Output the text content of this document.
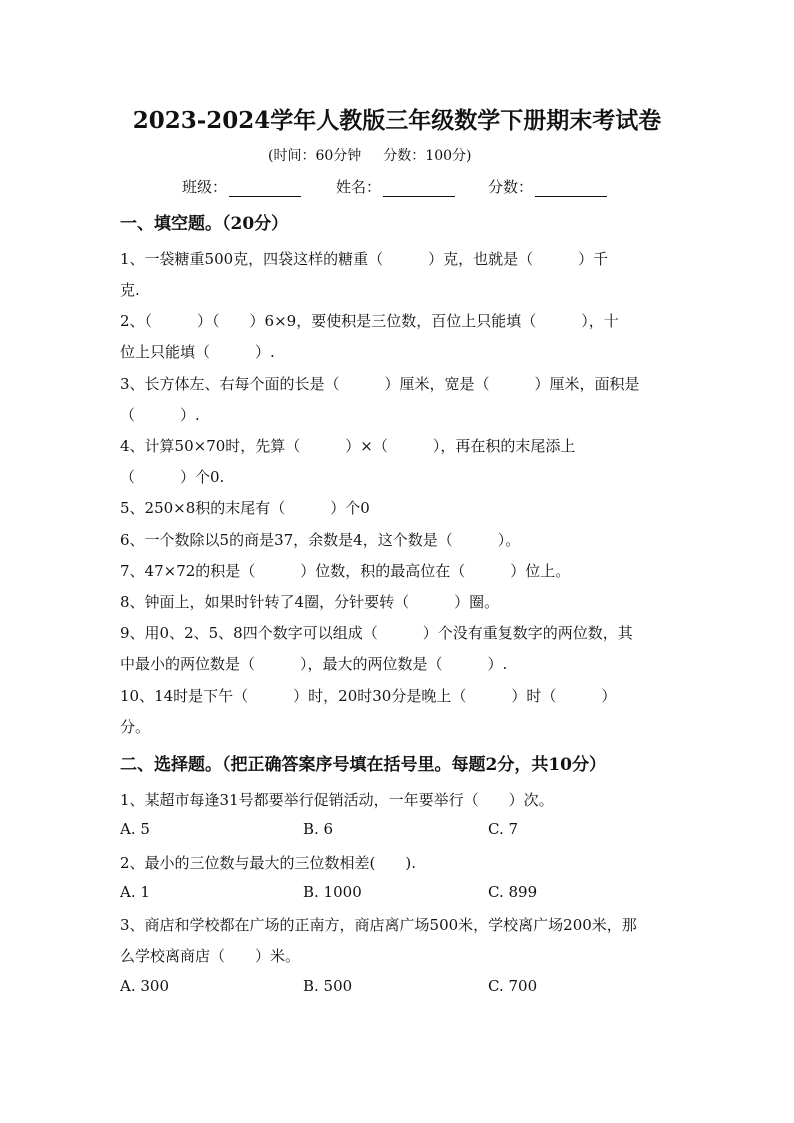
2023-2024学年人教版三年级数学下册期末考试卷
(时间：60分钟 分数：100分)
班级：	姓名：	分数：
一、填空题。（20分）
1、一袋糖重500克，四袋这样的糖重（　　　）克，也就是（　　　）千
克.
2、（　　　）（　　）6×9，要使积是三位数，百位上只能填（　　　），十
位上只能填（　　　）.
3、长方体左、右每个面的长是（　　　）厘米，宽是（　　　）厘米，面积是
（　　　）.
4、计算50×70时，先算（　　　）×（　　　），再在积的末尾添上
（　　　）个0.
5、250×8积的末尾有（　　　）个0
6、一个数除以5的商是37，余数是4，这个数是（　　　）。
7、47×72的积是（　　　）位数，积的最高位在（　　　）位上。
8、钟面上，如果时针转了4圈，分针要转（　　　）圈。
9、用0、2、5、8四个数字可以组成（　　　）个没有重复数字的两位数，其
中最小的两位数是（　　　），最大的两位数是（　　　）.
10、14时是下午（　　　）时，20时30分是晚上（　　　）时（　　　）
分。
二、选择题。（把正确答案序号填在括号里。每题2分，共10分）
1、某超市每逢31号都要举行促销活动，一年要举行（　　）次。
A. 5	B. 6	C. 7
2、最小的三位数与最大的三位数相差(　　).
A. 1	B. 1000	C. 899
3、商店和学校都在广场的正南方，商店离广场500米，学校离广场200米，那
么学校离商店（　　）米。
A. 300	B. 500	C. 700
